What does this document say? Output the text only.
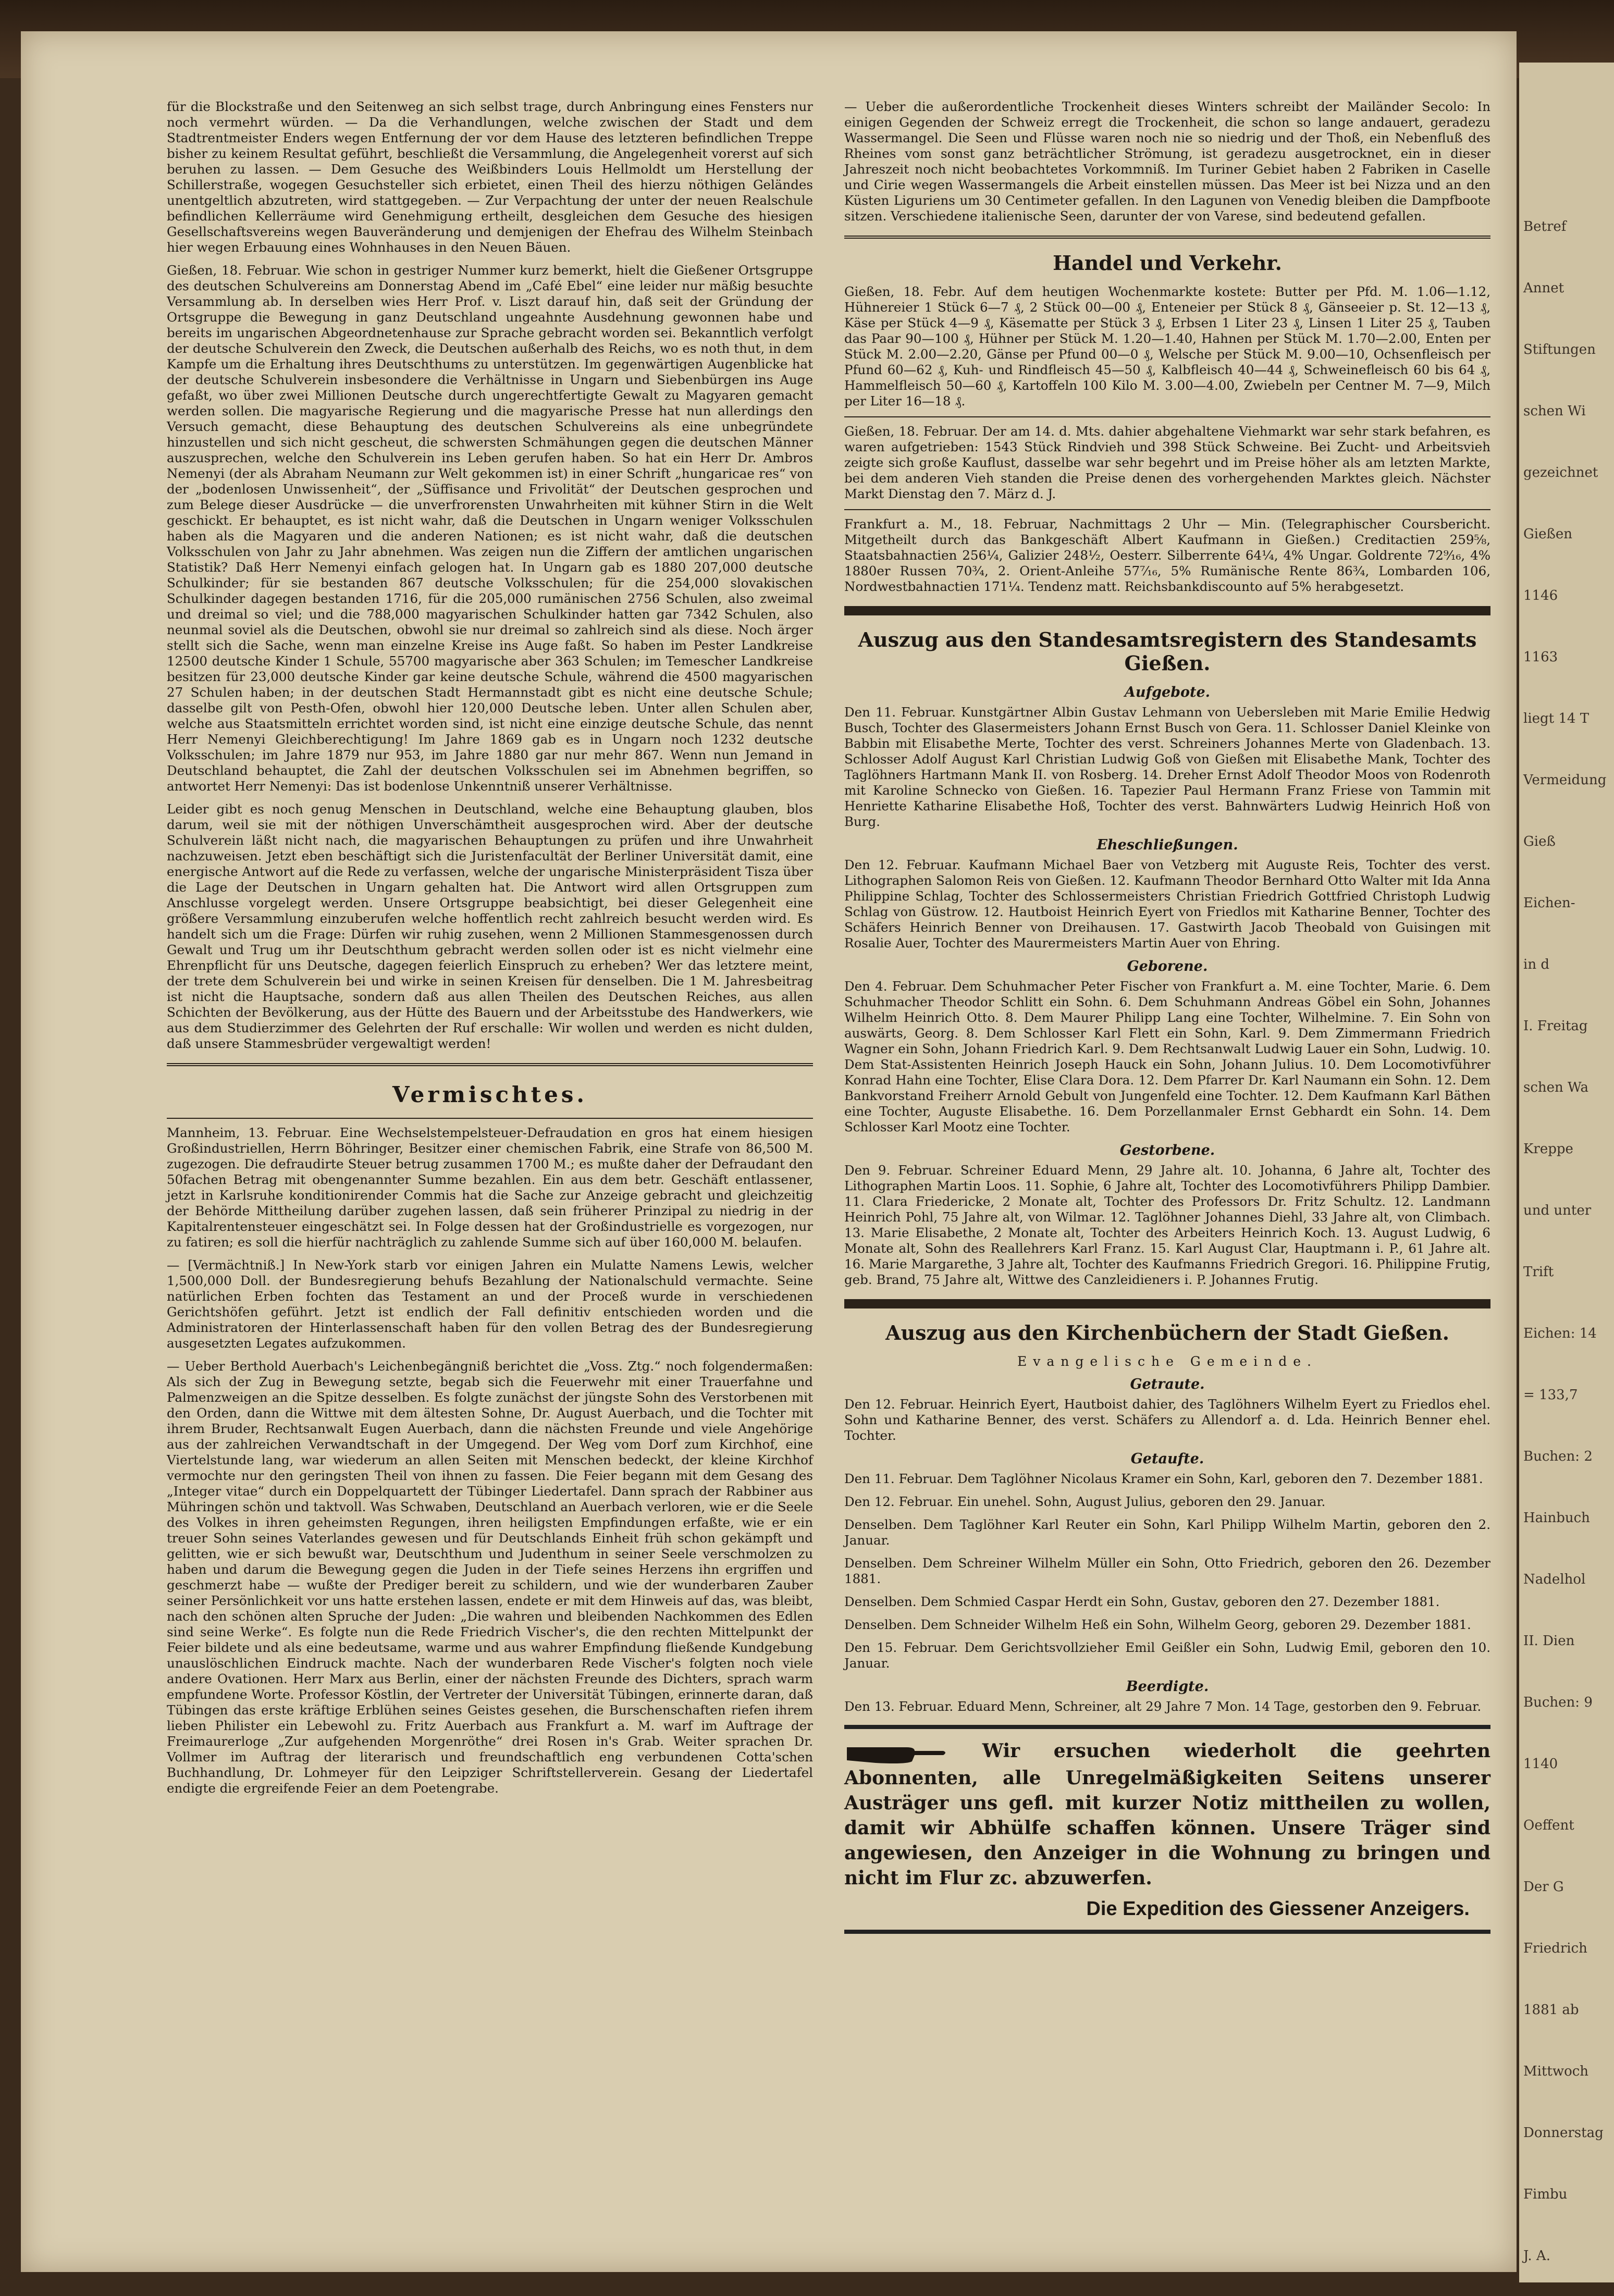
für die Blockstraße und den Seitenweg an sich selbst trage, durch Anbringung eines Fensters nur noch vermehrt würden. — Da die Verhandlungen, welche zwischen der Stadt und dem Stadtrentmeister Enders wegen Entfernung der vor dem Hause des letzteren befindlichen Treppe bisher zu keinem Resultat geführt, beschließt die Versammlung, die Angelegenheit vorerst auf sich beruhen zu lassen. — Dem Gesuche des Weißbinders Louis Hellmoldt um Herstellung der Schillerstraße, wogegen Gesuchsteller sich erbietet, einen Theil des hierzu nöthigen Geländes unentgeltlich abzutreten, wird stattgegeben. — Zur Verpachtung der unter der neuen Realschule befindlichen Kellerräume wird Genehmigung ertheilt, desgleichen dem Gesuche des hiesigen Gesellschaftsvereins wegen Bauveränderung und demjenigen der Ehefrau des Wilhelm Steinbach hier wegen Erbauung eines Wohnhauses in den Neuen Bäuen.

Gießen, 18. Februar. Wie schon in gestriger Nummer kurz bemerkt, hielt die Gießener Ortsgruppe des deutschen Schulvereins am Donnerstag Abend im „Café Ebel“ eine leider nur mäßig besuchte Versammlung ab. In derselben wies Herr Prof. v. Liszt darauf hin, daß seit der Gründung der Ortsgruppe die Bewegung in ganz Deutschland ungeahnte Ausdehnung gewonnen habe und bereits im ungarischen Abgeordnetenhause zur Sprache gebracht worden sei. Bekanntlich verfolgt der deutsche Schulverein den Zweck, die Deutschen außerhalb des Reichs, wo es noth thut, in dem Kampfe um die Erhaltung ihres Deutschthums zu unterstützen. Im gegenwärtigen Augenblicke hat der deutsche Schulverein insbesondere die Verhältnisse in Ungarn und Siebenbürgen ins Auge gefaßt, wo über zwei Millionen Deutsche durch ungerechtfertigte Gewalt zu Magyaren gemacht werden sollen. Die magyarische Regierung und die magyarische Presse hat nun allerdings den Versuch gemacht, diese Behauptung des deutschen Schulvereins als eine unbegründete hinzustellen und sich nicht gescheut, die schwersten Schmähungen gegen die deutschen Männer auszusprechen, welche den Schulverein ins Leben gerufen haben. So hat ein Herr Dr. Ambros Nemenyi (der als Abraham Neumann zur Welt gekommen ist) in einer Schrift „hungaricae res“ von der „bodenlosen Unwissenheit“, der „Süffisance und Frivolität“ der Deutschen gesprochen und zum Belege dieser Ausdrücke — die unverfrorensten Unwahrheiten mit kühner Stirn in die Welt geschickt. Er behauptet, es ist nicht wahr, daß die Deutschen in Ungarn weniger Volksschulen haben als die Magyaren und die anderen Nationen; es ist nicht wahr, daß die deutschen Volksschulen von Jahr zu Jahr abnehmen. Was zeigen nun die Ziffern der amtlichen ungarischen Statistik? Daß Herr Nemenyi einfach gelogen hat. In Ungarn gab es 1880 207,000 deutsche Schulkinder; für sie bestanden 867 deutsche Volksschulen; für die 254,000 slovakischen Schulkinder dagegen bestanden 1716, für die 205,000 rumänischen 2756 Schulen, also zweimal und dreimal so viel; und die 788,000 magyarischen Schulkinder hatten gar 7342 Schulen, also neunmal soviel als die Deutschen, obwohl sie nur dreimal so zahlreich sind als diese. Noch ärger stellt sich die Sache, wenn man einzelne Kreise ins Auge faßt. So haben im Pester Landkreise 12500 deutsche Kinder 1 Schule, 55700 magyarische aber 363 Schulen; im Temescher Landkreise besitzen für 23,000 deutsche Kinder gar keine deutsche Schule, während die 4500 magyarischen 27 Schulen haben; in der deutschen Stadt Hermannstadt gibt es nicht eine deutsche Schule; dasselbe gilt von Pesth-Ofen, obwohl hier 120,000 Deutsche leben. Unter allen Schulen aber, welche aus Staatsmitteln errichtet worden sind, ist nicht eine einzige deutsche Schule, das nennt Herr Nemenyi Gleichberechtigung! Im Jahre 1869 gab es in Ungarn noch 1232 deutsche Volksschulen; im Jahre 1879 nur 953, im Jahre 1880 gar nur mehr 867. Wenn nun Jemand in Deutschland behauptet, die Zahl der deutschen Volksschulen sei im Abnehmen begriffen, so antwortet Herr Nemenyi: Das ist bodenlose Unkenntniß unserer Verhältnisse.

Leider gibt es noch genug Menschen in Deutschland, welche eine Behauptung glauben, blos darum, weil sie mit der nöthigen Unverschämtheit ausgesprochen wird. Aber der deutsche Schulverein läßt nicht nach, die magyarischen Behauptungen zu prüfen und ihre Unwahrheit nachzuweisen. Jetzt eben beschäftigt sich die Juristenfacultät der Berliner Universität damit, eine energische Antwort auf die Rede zu verfassen, welche der ungarische Ministerpräsident Tisza über die Lage der Deutschen in Ungarn gehalten hat. Die Antwort wird allen Ortsgruppen zum Anschlusse vorgelegt werden. Unsere Ortsgruppe beabsichtigt, bei dieser Gelegenheit eine größere Versammlung einzuberufen welche hoffentlich recht zahlreich besucht werden wird. Es handelt sich um die Frage: Dürfen wir ruhig zusehen, wenn 2 Millionen Stammesgenossen durch Gewalt und Trug um ihr Deutschthum gebracht werden sollen oder ist es nicht vielmehr eine Ehrenpflicht für uns Deutsche, dagegen feierlich Einspruch zu erheben? Wer das letztere meint, der trete dem Schulverein bei und wirke in seinen Kreisen für denselben. Die 1 M. Jahresbeitrag ist nicht die Hauptsache, sondern daß aus allen Theilen des Deutschen Reiches, aus allen Schichten der Bevölkerung, aus der Hütte des Bauern und der Arbeitsstube des Handwerkers, wie aus dem Studierzimmer des Gelehrten der Ruf erschalle: Wir wollen und werden es nicht dulden, daß unsere Stammesbrüder vergewaltigt werden!

Vermischtes.

Mannheim, 13. Februar. Eine Wechselstempelsteuer-Defraudation en gros hat einem hiesigen Großindustriellen, Herrn Böhringer, Besitzer einer chemischen Fabrik, eine Strafe von 86,500 M. zugezogen. Die defraudirte Steuer betrug zusammen 1700 M.; es mußte daher der Defraudant den 50fachen Betrag mit obengenannter Summe bezahlen. Ein aus dem betr. Geschäft entlassener, jetzt in Karlsruhe konditionirender Commis hat die Sache zur Anzeige gebracht und gleichzeitig der Behörde Mittheilung darüber zugehen lassen, daß sein früherer Prinzipal zu niedrig in der Kapitalrentensteuer eingeschätzt sei. In Folge dessen hat der Großindustrielle es vorgezogen, nur zu fatiren; es soll die hierfür nachträglich zu zahlende Summe sich auf über 160,000 M. belaufen.

— [Vermächtniß.] In New-York starb vor einigen Jahren ein Mulatte Namens Lewis, welcher 1,500,000 Doll. der Bundesregierung behufs Bezahlung der Nationalschuld vermachte. Seine natürlichen Erben fochten das Testament an und der Proceß wurde in verschiedenen Gerichtshöfen geführt. Jetzt ist endlich der Fall definitiv entschieden worden und die Administratoren der Hinterlassenschaft haben für den vollen Betrag des der Bundesregierung ausgesetzten Legates aufzukommen.

— Ueber Berthold Auerbach's Leichenbegängniß berichtet die „Voss. Ztg.“ noch folgendermaßen: Als sich der Zug in Bewegung setzte, begab sich die Feuerwehr mit einer Trauerfahne und Palmenzweigen an die Spitze desselben. Es folgte zunächst der jüngste Sohn des Verstorbenen mit den Orden, dann die Wittwe mit dem ältesten Sohne, Dr. August Auerbach, und die Tochter mit ihrem Bruder, Rechtsanwalt Eugen Auerbach, dann die nächsten Freunde und viele Angehörige aus der zahlreichen Verwandtschaft in der Umgegend. Der Weg vom Dorf zum Kirchhof, eine Viertelstunde lang, war wiederum an allen Seiten mit Menschen bedeckt, der kleine Kirchhof vermochte nur den geringsten Theil von ihnen zu fassen. Die Feier begann mit dem Gesang des „Integer vitae“ durch ein Doppelquartett der Tübinger Liedertafel. Dann sprach der Rabbiner aus Mühringen schön und taktvoll. Was Schwaben, Deutschland an Auerbach verloren, wie er die Seele des Volkes in ihren geheimsten Regungen, ihren heiligsten Empfindungen erfaßte, wie er ein treuer Sohn seines Vaterlandes gewesen und für Deutschlands Einheit früh schon gekämpft und gelitten, wie er sich bewußt war, Deutschthum und Judenthum in seiner Seele verschmolzen zu haben und darum die Bewegung gegen die Juden in der Tiefe seines Herzens ihn ergriffen und geschmerzt habe — wußte der Prediger bereit zu schildern, und wie der wunderbaren Zauber seiner Persönlichkeit vor uns hatte erstehen lassen, endete er mit dem Hinweis auf das, was bleibt, nach den schönen alten Spruche der Juden: „Die wahren und bleibenden Nachkommen des Edlen sind seine Werke“. Es folgte nun die Rede Friedrich Vischer's, die den rechten Mittelpunkt der Feier bildete und als eine bedeutsame, warme und aus wahrer Empfindung fließende Kundgebung unauslöschlichen Eindruck machte. Nach der wunderbaren Rede Vischer's folgten noch viele andere Ovationen. Herr Marx aus Berlin, einer der nächsten Freunde des Dichters, sprach warm empfundene Worte. Professor Köstlin, der Vertreter der Universität Tübingen, erinnerte daran, daß Tübingen das erste kräftige Erblühen seines Geistes gesehen, die Burschenschaften riefen ihrem lieben Philister ein Lebewohl zu. Fritz Auerbach aus Frankfurt a. M. warf im Auftrage der Freimaurerloge „Zur aufgehenden Morgenröthe“ drei Rosen in's Grab. Weiter sprachen Dr. Vollmer im Auftrag der literarisch und freundschaftlich eng verbundenen Cotta'schen Buchhandlung, Dr. Lohmeyer für den Leipziger Schriftstellerverein. Gesang der Liedertafel endigte die ergreifende Feier an dem Poetengrabe.

— Ueber die außerordentliche Trockenheit dieses Winters schreibt der Mailänder Secolo: In einigen Gegenden der Schweiz erregt die Trockenheit, die schon so lange andauert, geradezu Wassermangel. Die Seen und Flüsse waren noch nie so niedrig und der Thoß, ein Nebenfluß des Rheines vom sonst ganz beträchtlicher Strömung, ist geradezu ausgetrocknet, ein in dieser Jahreszeit noch nicht beobachtetes Vorkommniß. Im Turiner Gebiet haben 2 Fabriken in Caselle und Cirie wegen Wassermangels die Arbeit einstellen müssen. Das Meer ist bei Nizza und an den Küsten Liguriens um 30 Centimeter gefallen. In den Lagunen von Venedig bleiben die Dampfboote sitzen. Verschiedene italienische Seen, darunter der von Varese, sind bedeutend gefallen.

Handel und Verkehr.

Gießen, 18. Febr. Auf dem heutigen Wochenmarkte kostete: Butter per Pfd. M. 1.06—1.12, Hühnereier 1 Stück 6—7 ₰, 2 Stück 00—00 ₰, Enteneier per Stück 8 ₰, Gänseeier p. St. 12—13 ₰, Käse per Stück 4—9 ₰, Käsematte per Stück 3 ₰, Erbsen 1 Liter 23 ₰, Linsen 1 Liter 25 ₰, Tauben das Paar 90—100 ₰, Hühner per Stück M. 1.20—1.40, Hahnen per Stück M. 1.70—2.00, Enten per Stück M. 2.00—2.20, Gänse per Pfund 00—0 ₰, Welsche per Stück M. 9.00—10, Ochsenfleisch per Pfund 60—62 ₰, Kuh- und Rindfleisch 45—50 ₰, Kalbfleisch 40—44 ₰, Schweinefleisch 60 bis 64 ₰, Hammelfleisch 50—60 ₰, Kartoffeln 100 Kilo M. 3.00—4.00, Zwiebeln per Centner M. 7—9, Milch per Liter 16—18 ₰.

Gießen, 18. Februar. Der am 14. d. Mts. dahier abgehaltene Viehmarkt war sehr stark befahren, es waren aufgetrieben: 1543 Stück Rindvieh und 398 Stück Schweine. Bei Zucht- und Arbeitsvieh zeigte sich große Kauflust, dasselbe war sehr begehrt und im Preise höher als am letzten Markte, bei dem anderen Vieh standen die Preise denen des vorhergehenden Marktes gleich. Nächster Markt Dienstag den 7. März d. J.

Frankfurt a. M., 18. Februar, Nachmittags 2 Uhr — Min. (Telegraphischer Coursbericht. Mitgetheilt durch das Bankgeschäft Albert Kaufmann in Gießen.) Creditactien 259⅝, Staatsbahnactien 256¼, Galizier 248½, Oesterr. Silberrente 64¼, 4% Ungar. Goldrente 72⁹⁄₁₆, 4% 1880er Russen 70¾, 2. Orient-Anleihe 57⁷⁄₁₆, 5% Rumänische Rente 86¾, Lombarden 106, Nordwestbahnactien 171¼. Tendenz matt. Reichsbankdiscounto auf 5% herabgesetzt.

Auszug aus den Standesamtsregistern des Standesamts Gießen.
Aufgebote.

Den 11. Februar. Kunstgärtner Albin Gustav Lehmann von Uebersleben mit Marie Emilie Hedwig Busch, Tochter des Glasermeisters Johann Ernst Busch von Gera. 11. Schlosser Daniel Kleinke von Babbin mit Elisabethe Merte, Tochter des verst. Schreiners Johannes Merte von Gladenbach. 13. Schlosser Adolf August Karl Christian Ludwig Goß von Gießen mit Elisabethe Mank, Tochter des Taglöhners Hartmann Mank II. von Rosberg. 14. Dreher Ernst Adolf Theodor Moos von Rodenroth mit Karoline Schnecko von Gießen. 16. Tapezier Paul Hermann Franz Friese von Tammin mit Henriette Katharine Elisabethe Hoß, Tochter des verst. Bahnwärters Ludwig Heinrich Hoß von Burg.

Eheschließungen.

Den 12. Februar. Kaufmann Michael Baer von Vetzberg mit Auguste Reis, Tochter des verst. Lithographen Salomon Reis von Gießen. 12. Kaufmann Theodor Bernhard Otto Walter mit Ida Anna Philippine Schlag, Tochter des Schlossermeisters Christian Friedrich Gottfried Christoph Ludwig Schlag von Güstrow. 12. Hautboist Heinrich Eyert von Friedlos mit Katharine Benner, Tochter des Schäfers Heinrich Benner von Dreihausen. 17. Gastwirth Jacob Theobald von Guisingen mit Rosalie Auer, Tochter des Maurermeisters Martin Auer von Ehring.

Geborene.

Den 4. Februar. Dem Schuhmacher Peter Fischer von Frankfurt a. M. eine Tochter, Marie. 6. Dem Schuhmacher Theodor Schlitt ein Sohn. 6. Dem Schuhmann Andreas Göbel ein Sohn, Johannes Wilhelm Heinrich Otto. 8. Dem Maurer Philipp Lang eine Tochter, Wilhelmine. 7. Ein Sohn von auswärts, Georg. 8. Dem Schlosser Karl Flett ein Sohn, Karl. 9. Dem Zimmermann Friedrich Wagner ein Sohn, Johann Friedrich Karl. 9. Dem Rechtsanwalt Ludwig Lauer ein Sohn, Ludwig. 10. Dem Stat-Assistenten Heinrich Joseph Hauck ein Sohn, Johann Julius. 10. Dem Locomotivführer Konrad Hahn eine Tochter, Elise Clara Dora. 12. Dem Pfarrer Dr. Karl Naumann ein Sohn. 12. Dem Bankvorstand Freiherr Arnold Gebult von Jungenfeld eine Tochter. 12. Dem Kaufmann Karl Bäthen eine Tochter, Auguste Elisabethe. 16. Dem Porzellanmaler Ernst Gebhardt ein Sohn. 14. Dem Schlosser Karl Mootz eine Tochter.

Gestorbene.

Den 9. Februar. Schreiner Eduard Menn, 29 Jahre alt. 10. Johanna, 6 Jahre alt, Tochter des Lithographen Martin Loos. 11. Sophie, 6 Jahre alt, Tochter des Locomotivführers Philipp Dambier. 11. Clara Friedericke, 2 Monate alt, Tochter des Professors Dr. Fritz Schultz. 12. Landmann Heinrich Pohl, 75 Jahre alt, von Wilmar. 12. Taglöhner Johannes Diehl, 33 Jahre alt, von Climbach. 13. Marie Elisabethe, 2 Monate alt, Tochter des Arbeiters Heinrich Koch. 13. August Ludwig, 6 Monate alt, Sohn des Reallehrers Karl Franz. 15. Karl August Clar, Hauptmann i. P., 61 Jahre alt. 16. Marie Margarethe, 3 Jahre alt, Tochter des Kaufmanns Friedrich Gregori. 16. Philippine Frutig, geb. Brand, 75 Jahre alt, Wittwe des Canzleidieners i. P. Johannes Frutig.

Auszug aus den Kirchenbüchern der Stadt Gießen.
Evangelische Gemeinde.
Getraute.

Den 12. Februar. Heinrich Eyert, Hautboist dahier, des Taglöhners Wilhelm Eyert zu Friedlos ehel. Sohn und Katharine Benner, des verst. Schäfers zu Allendorf a. d. Lda. Heinrich Benner ehel. Tochter.

Getaufte.

Den 11. Februar. Dem Taglöhner Nicolaus Kramer ein Sohn, Karl, geboren den 7. Dezember 1881.

Den 12. Februar. Ein unehel. Sohn, August Julius, geboren den 29. Januar.

Denselben. Dem Taglöhner Karl Reuter ein Sohn, Karl Philipp Wilhelm Martin, geboren den 2. Januar.

Denselben. Dem Schreiner Wilhelm Müller ein Sohn, Otto Friedrich, geboren den 26. Dezember 1881.

Denselben. Dem Schmied Caspar Herdt ein Sohn, Gustav, geboren den 27. Dezember 1881.

Denselben. Dem Schneider Wilhelm Heß ein Sohn, Wilhelm Georg, geboren 29. Dezember 1881.

Den 15. Februar. Dem Gerichtsvollzieher Emil Geißler ein Sohn, Ludwig Emil, geboren den 10. Januar.

Beerdigte.

Den 13. Februar. Eduard Menn, Schreiner, alt 29 Jahre 7 Mon. 14 Tage, gestorben den 9. Februar.

Wir ersuchen wiederholt die geehrten Abonnenten, alle Unregelmäßigkeiten Seitens unserer Austräger uns gefl. mit kurzer Notiz mittheilen zu wollen, damit wir Abhülfe schaffen können. Unsere Träger sind angewiesen, den Anzeiger in die Wohnung zu bringen und nicht im Flur zc. abzuwerfen.

Die Expedition des Giessener Anzeigers.
Betref
Annet
Stiftungen
schen Wi
gezeichnet
Gießen
1146
1163
liegt 14 T
Vermeidung
Gieß
Eichen-
in d
I. Freitag
schen Wa
Kreppe
und unter
Trift
Eichen: 14
= 133,7
Buchen: 2
Hainbuch
Nadelhol
II. Dien
Buchen: 9
1140
Oeffent
Der G
Friedrich
1881 ab
Mittwoch
Donnerstag
Fimbu
J. A.
